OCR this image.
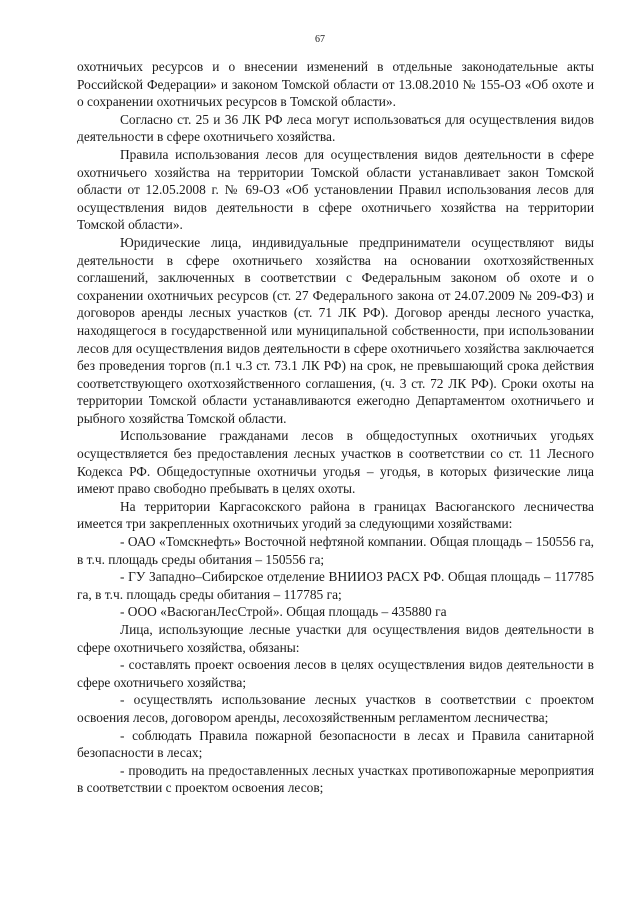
67

охотничьих ресурсов и о внесении изменений в отдельные законодательные акты Российской Федерации» и законом Томской области от 13.08.2010 № 155-ОЗ «Об охоте и о сохранении охотничьих ресурсов в Томской области».

Согласно ст. 25 и 36 ЛК РФ леса могут использоваться для осуществления видов деятельности в сфере охотничьего хозяйства.

Правила использования лесов для осуществления видов деятельности в сфере охотничьего хозяйства на территории Томской области устанавливает закон Томской области от 12.05.2008 г. № 69-ОЗ «Об установлении Правил использования лесов для осуществления видов деятельности в сфере охотничьего хозяйства на территории Томской области».

Юридические лица, индивидуальные предприниматели осуществляют виды деятельности в сфере охотничьего хозяйства на основании охотхозяйственных соглашений, заключенных в соответствии с Федеральным законом об охоте и о сохранении охотничьих ресурсов (ст. 27 Федерального закона от 24.07.2009 № 209-ФЗ) и договоров аренды лесных участков (ст. 71 ЛК РФ). Договор аренды лесного участка, находящегося в государственной или муниципальной собственности, при использовании лесов для осуществления видов деятельности в сфере охотничьего хозяйства заключается без проведения торгов (п.1 ч.3 ст. 73.1 ЛК РФ) на срок, не превышающий срока действия соответствующего охотхозяйственного соглашения, (ч. 3 ст. 72 ЛК РФ). Сроки охоты на территории Томской области устанавливаются ежегодно Департаментом охотничьего и рыбного хозяйства Томской области.

Использование гражданами лесов в общедоступных охотничьих угодьях осуществляется без предоставления лесных участков в соответствии со ст. 11 Лесного Кодекса РФ. Общедоступные охотничьи угодья – угодья, в которых физические лица имеют право свободно пребывать в целях охоты.

На территории Каргасокского района в границах Васюганского лесничества имеется три закрепленных охотничьих угодий за следующими хозяйствами:

- ОАО «Томскнефть» Восточной нефтяной компании. Общая площадь – 150556 га, в т.ч. площадь среды обитания – 150556 га;

- ГУ Западно–Сибирское отделение ВНИИОЗ РАСХ РФ. Общая площадь – 117785 га, в т.ч. площадь среды обитания – 117785 га;

- ООО «ВасюганЛесСтрой». Общая площадь – 435880 га

Лица, использующие лесные участки для осуществления видов деятельности в сфере охотничьего хозяйства, обязаны:

- составлять проект освоения лесов в целях осуществления видов деятельности в сфере охотничьего хозяйства;

- осуществлять использование лесных участков в соответствии с проектом освоения лесов, договором аренды, лесохозяйственным регламентом лесничества;

- соблюдать Правила пожарной безопасности в лесах и Правила санитарной безопасности в лесах;

- проводить на предоставленных лесных участках противопожарные мероприятия в соответствии с проектом освоения лесов;
